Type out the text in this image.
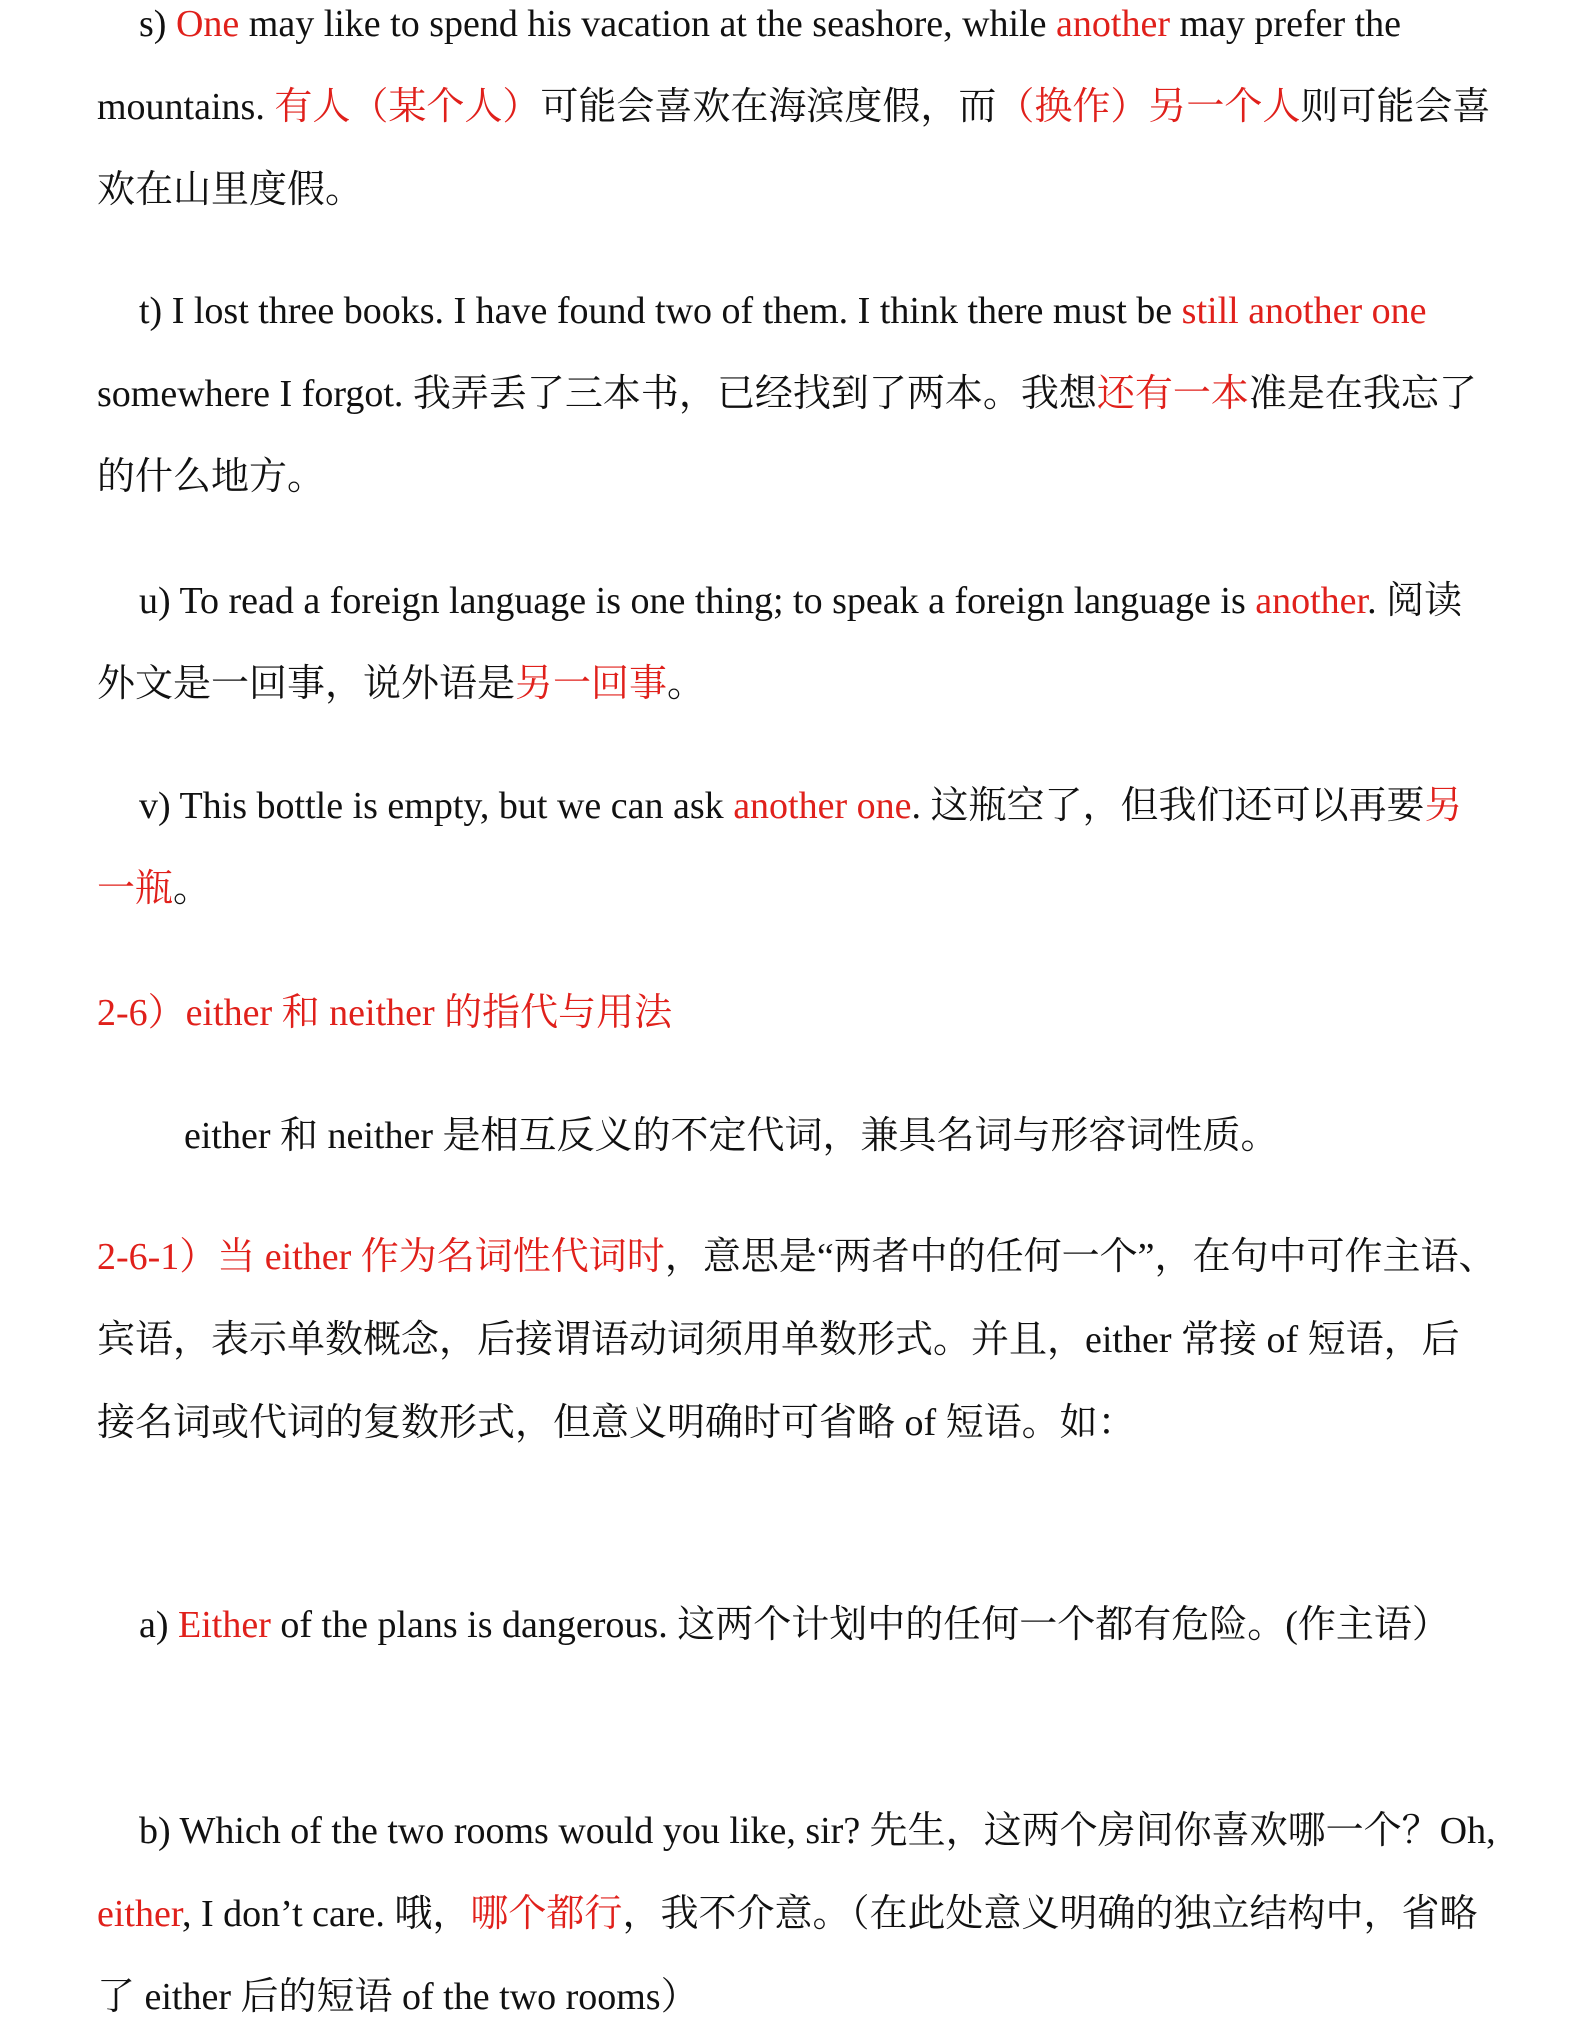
s) One may like to spend his vacation at the seashore, while another may prefer the mountains. 有人（某个人）可能会喜欢在海滨度假，而（换作）另一个人则可能会喜欢在山里度假。

t) I lost three books. I have found two of them. I think there must be still another one somewhere I forgot. 我弄丢了三本书，已经找到了两本。我想还有一本准是在我忘了的什么地方。

u) To read a foreign language is one thing; to speak a foreign language is another. 阅读外文是一回事，说外语是另一回事。

v) This bottle is empty, but we can ask another one. 这瓶空了，但我们还可以再要另一瓶。

2-6）either 和 neither 的指代与用法

either 和 neither 是相互反义的不定代词，兼具名词与形容词性质。

2-6-1）当 either 作为名词性代词时，意思是“两者中的任何一个”，在句中可作主语、宾语，表示单数概念，后接谓语动词须用单数形式。并且，either 常接 of 短语，后接名词或代词的复数形式，但意义明确时可省略 of 短语。如：

a) Either of the plans is dangerous. 这两个计划中的任何一个都有危险。(作主语）

b) Which of the two rooms would you like, sir? 先生，这两个房间你喜欢哪一个？Oh, either, I don’t care. 哦，哪个都行，我不介意。（在此处意义明确的独立结构中，省略了 either 后的短语 of the two rooms）
